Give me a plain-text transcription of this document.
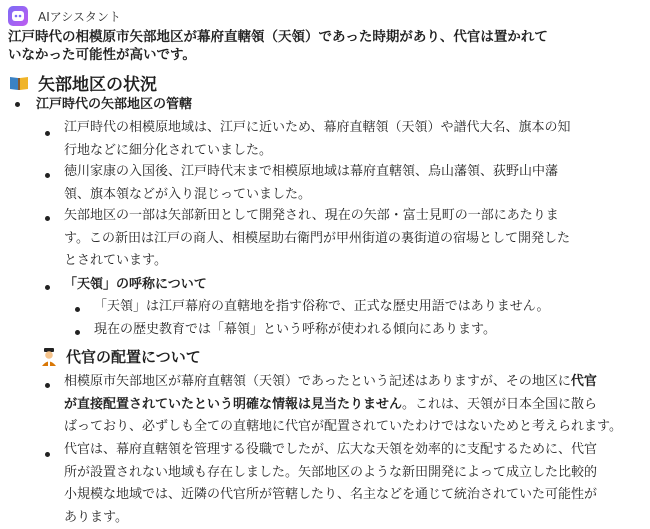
AIアシスタント
江戸時代の相模原市矢部地区が幕府直轄領（天領）であった時期があり、代官は置かれて
いなかった可能性が高いです。
矢部地区の状況
江戸時代の矢部地区の管轄
江戸時代の相模原地域は、江戸に近いため、幕府直轄領（天領）や譜代大名、旗本の知
行地などに細分化されていました。
徳川家康の入国後、江戸時代末まで相模原地域は幕府直轄領、烏山藩領、荻野山中藩
領、旗本領などが入り混じっていました。
矢部地区の一部は矢部新田として開発され、現在の矢部・富士見町の一部にあたりま
す。この新田は江戸の商人、相模屋助右衛門が甲州街道の裏街道の宿場として開発した
とされています。
「天領」の呼称について
「天領」は江戸幕府の直轄地を指す俗称で、正式な歴史用語ではありません。
現在の歴史教育では「幕領」という呼称が使われる傾向にあります。
代官の配置について
相模原市矢部地区が幕府直轄領（天領）であったという記述はありますが、その地区に代官
が直接配置されていたという明確な情報は見当たりません。これは、天領が日本全国に散ら
ばっており、必ずしも全ての直轄地に代官が配置されていたわけではないためと考えられます。
代官は、幕府直轄領を管理する役職でしたが、広大な天領を効率的に支配するために、代官
所が設置されない地域も存在しました。矢部地区のような新田開発によって成立した比較的
小規模な地域では、近隣の代官所が管轄したり、名主などを通じて統治されていた可能性が
あります。
